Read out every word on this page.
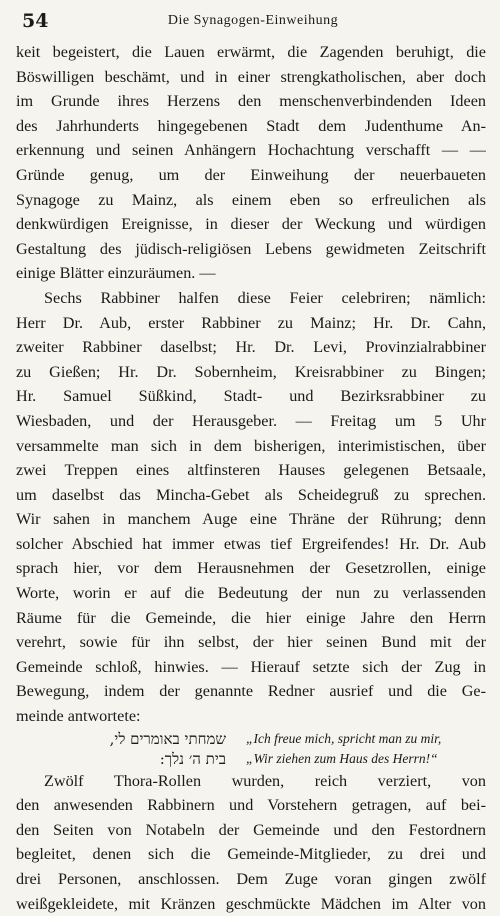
54	Die Synagogen-Einweihung
keit begeistert, die Lauen erwärmt, die Zagenden beruhigt, die
Böswilligen beschämt, und in einer strengkatholischen, aber doch
im Grunde ihres Herzens den menschenverbindenden Ideen
des Jahrhunderts hingegebenen Stadt dem Judenthume An-
erkennung und seinen Anhängern Hochachtung verschafft — —
Gründe genug, um der Einweihung der neuerbaueten
Synagoge zu Mainz, als einem eben so erfreulichen als
denkwürdigen Ereignisse, in dieser der Weckung und würdigen
Gestaltung des jüdisch-religiösen Lebens gewidmeten Zeitschrift
einige Blätter einzuräumen. —
Sechs Rabbiner halfen diese Feier celebriren; nämlich:
Herr Dr. Aub, erster Rabbiner zu Mainz; Hr. Dr. Cahn,
zweiter Rabbiner daselbst; Hr. Dr. Levi, Provinzialrabbiner
zu Gießen; Hr. Dr. Sobernheim, Kreisrabbiner zu Bingen;
Hr. Samuel Süßkind, Stadt- und Bezirksrabbiner zu
Wiesbaden, und der Herausgeber. — Freitag um 5 Uhr
versammelte man sich in dem bisherigen, interimistischen, über
zwei Treppen eines altfinsteren Hauses gelegenen Betsaale,
um daselbst das Mincha-Gebet als Scheidegruß zu sprechen.
Wir sahen in manchem Auge eine Thräne der Rührung; denn
solcher Abschied hat immer etwas tief Ergreifendes! Hr. Dr. Aub
sprach hier, vor dem Herausnehmen der Gesetzrollen, einige
Worte, worin er auf die Bedeutung der nun zu verlassenden
Räume für die Gemeinde, die hier einige Jahre den Herrn
verehrt, sowie für ihn selbst, der hier seinen Bund mit der
Gemeinde schloß, hinwies. — Hierauf setzte sich der Zug in
Bewegung, indem der genannte Redner ausrief und die Ge-
meinde antwortete:
שמחתי באומרים לי, „Ich freue mich, spricht man zu mir,
בית ה׳ נלך: „Wir ziehen zum Haus des Herrn!“
Zwölf Thora-Rollen wurden, reich verziert, von
den anwesenden Rabbinern und Vorstehern getragen, auf bei-
den Seiten von Notabeln der Gemeinde und den Festordnern
begleitet, denen sich die Gemeinde-Mitglieder, zu drei und
drei Personen, anschlossen. Dem Zuge voran gingen zwölf
weißgekleidete, mit Kränzen geschmückte Mädchen im Alter von
